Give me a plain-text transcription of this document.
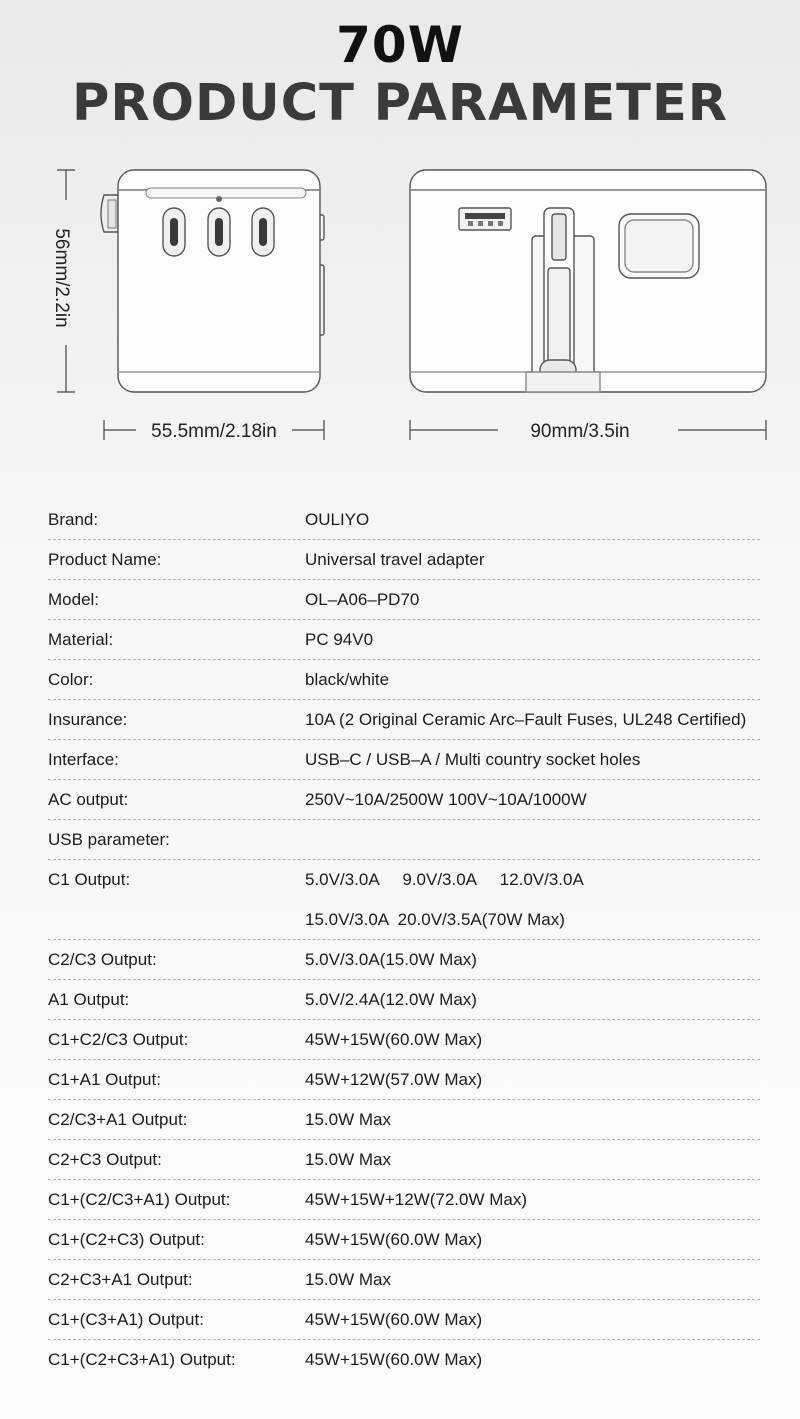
70W
PRODUCT PARAMETER
56mm/2.2in
55.5mm/2.18in	90mm/3.5in
Brand:	OULIYO
Product Name:	Universal travel adapter
Model:	OL–A06–PD70
Material:	PC 94V0
Color:	black/white
Insurance:	10A (2 Original Ceramic Arc–Fault Fuses, UL248 Certified)
Interface:	USB–C / USB–A / Multi country socket holes
AC output:	250V~10A/2500W 100V~10A/1000W
USB parameter:
C1 Output:	5.0V/3.0A     9.0V/3.0A     12.0V/3.0A
15.0V/3.0A  20.0V/3.5A(70W Max)
C2/C3 Output:	5.0V/3.0A(15.0W Max)
A1 Output:	5.0V/2.4A(12.0W Max)
C1+C2/C3 Output:	45W+15W(60.0W Max)
C1+A1 Output:	45W+12W(57.0W Max)
C2/C3+A1 Output:	15.0W Max
C2+C3 Output:	15.0W Max
C1+(C2/C3+A1) Output:	45W+15W+12W(72.0W Max)
C1+(C2+C3) Output:	45W+15W(60.0W Max)
C2+C3+A1 Output:	15.0W Max
C1+(C3+A1) Output:	45W+15W(60.0W Max)
C1+(C2+C3+A1) Output:	45W+15W(60.0W Max)
